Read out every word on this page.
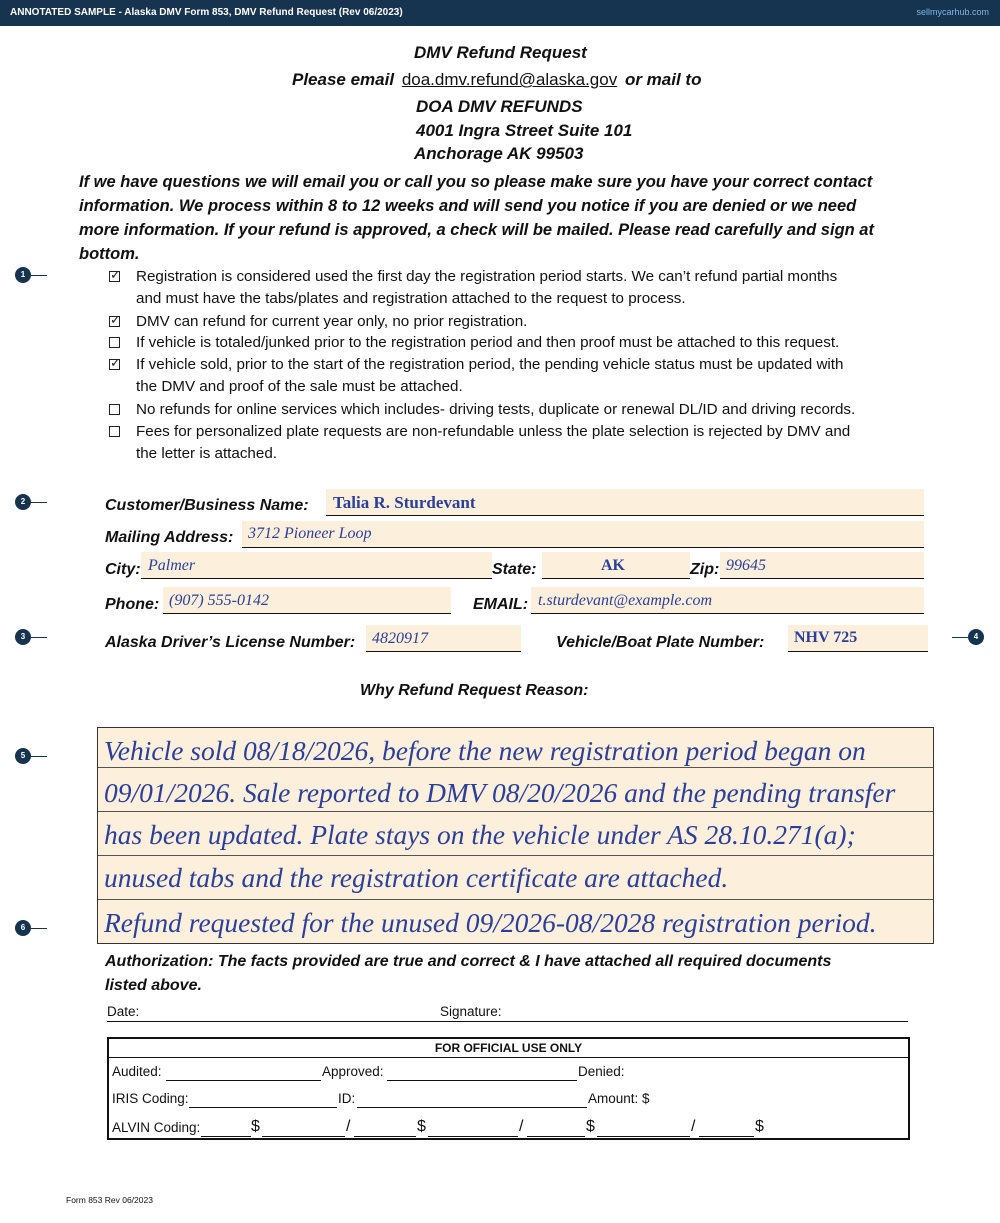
ANNOTATED SAMPLE - Alaska DMV Form 853, DMV Refund Request (Rev 06/2023)	sellmycarhub.com
DMV Refund Request
Please email doa.dmv.refund@alaska.gov or mail to
DOA DMV REFUNDS
4001 Ingra Street Suite 101
Anchorage AK 99503
If we have questions we will email you or call you so please make sure you have your correct contact
information. We process within 8 to 12 weeks and will send you notice if you are denied or we need
more information. If your refund is approved, a check will be mailed. Please read carefully and sign at
bottom.
✓ Registration is considered used the first day the registration period starts. We can’t refund partial months
and must have the tabs/plates and registration attached to the request to process.
✓ DMV can refund for current year only, no prior registration.
If vehicle is totaled/junked prior to the registration period and then proof must be attached to this request.
✓ If vehicle sold, prior to the start of the registration period, the pending vehicle status must be updated with
the DMV and proof of the sale must be attached.
No refunds for online services which includes- driving tests, duplicate or renewal DL/ID and driving records.
Fees for personalized plate requests are non-refundable unless the plate selection is rejected by DMV and
the letter is attached.
Customer/Business Name: Talia R. Sturdevant
Mailing Address: 3712 Pioneer Loop
City: Palmer	State:	AK	Zip: 99645
Phone: (907) 555-0142	EMAIL: t.sturdevant@example.com
Alaska Driver’s License Number: 4820917	Vehicle/Boat Plate Number: NHV 725
Why Refund Request Reason:
Vehicle sold 08/18/2026, before the new registration period began on
09/01/2026. Sale reported to DMV 08/20/2026 and the pending transfer
has been updated. Plate stays on the vehicle under AS 28.10.271(a);
unused tabs and the registration certificate are attached.
Refund requested for the unused 09/2026-08/2028 registration period.
Authorization: The facts provided are true and correct & I have attached all required documents
listed above.
Date:	Signature:
FOR OFFICIAL USE ONLY
Audited:	Approved:	Denied:
IRIS Coding:	ID:	Amount: $
ALVIN Coding:	$	/	$	/	$	/	$
1
2
3	4
5
6
Form 853 Rev 06/2023
